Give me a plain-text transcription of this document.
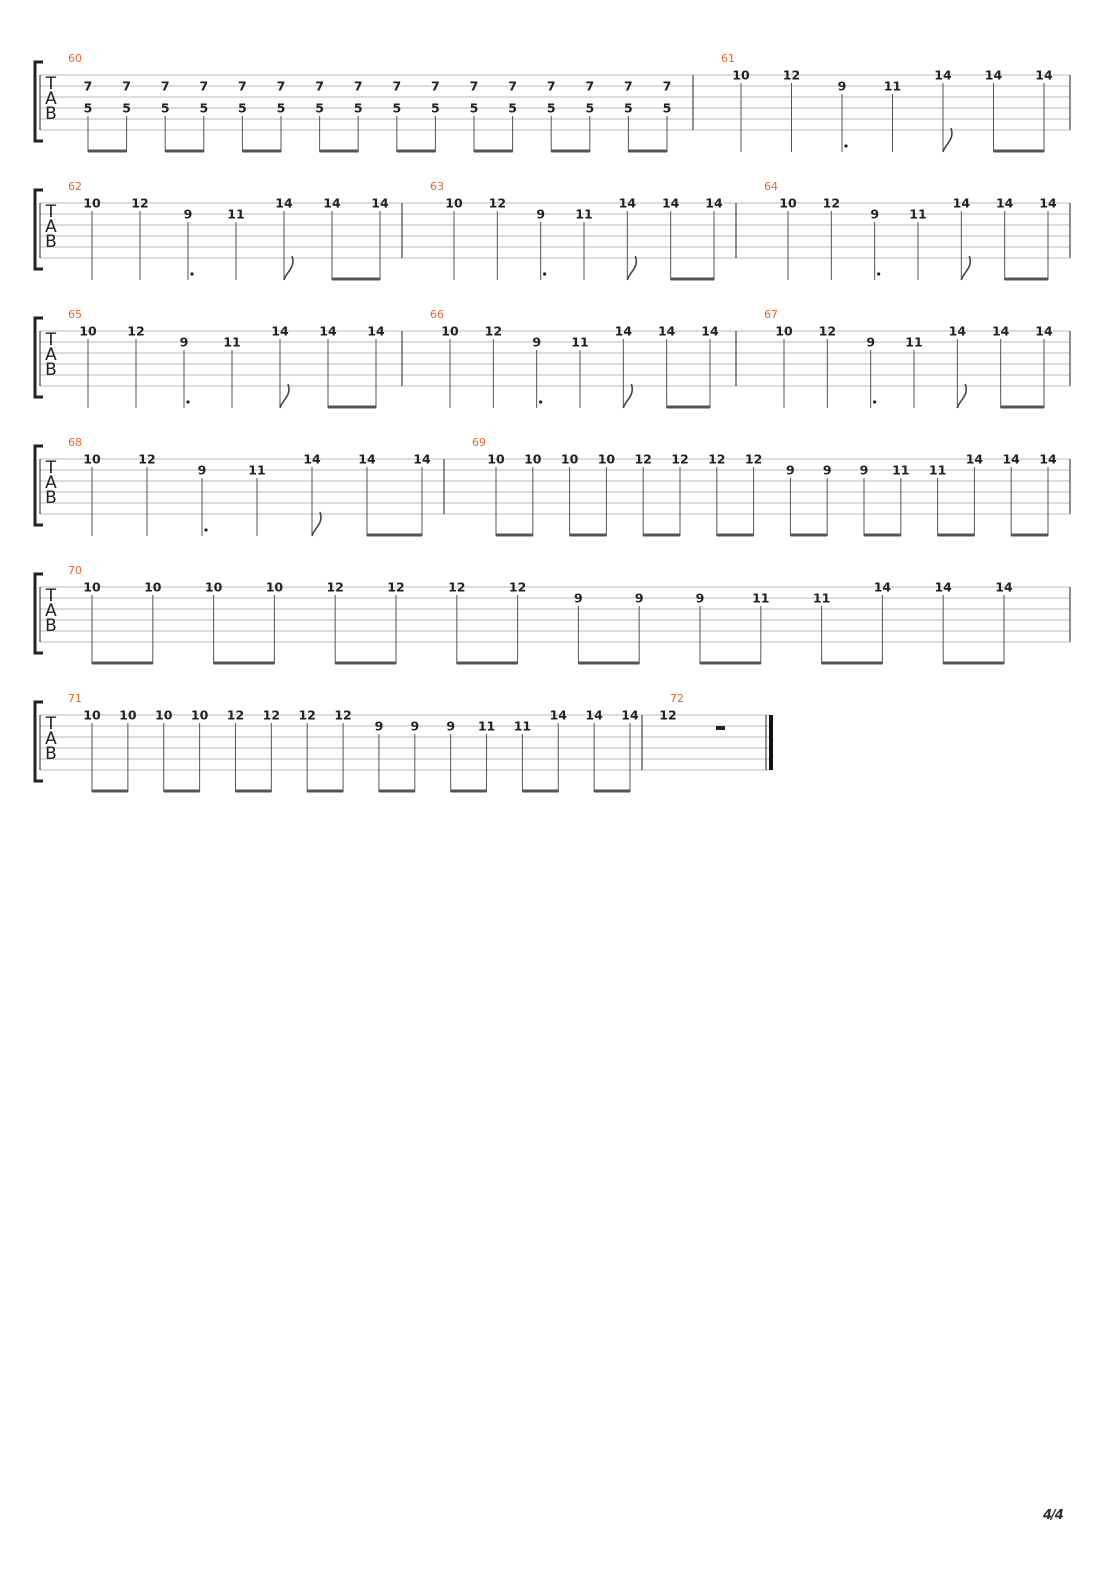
T
A
B
60
7
5
7
5
7
5
7
5
7
5
7
5
7
5
7
5
7
5
7
5
7
5
7
5
7
5
7
5
7
5
7
5
61
10	12
9	11
14	14	14
T
A
B
62
10 12
9	11
14 14 14
63
10 12
9 11
14 14 14
64
10 12
9 11
14 14 14
T
A
B
65
10 12
9	11
14 14 14
66
10 12
9 11
14 14 14
67
10 12
9 11
14 14 14
T
A
B
68
10	12
9	11
14	14	14
69
10 10 10 10 12 12 12 12
9 9 9 11 11
14 14 14
T
A
B
70
10	10	10	10	12	12	12	12
9	9	9	11	11
14	14	14
T
A
B
71
10 10 10 10 12 12 12 12
9 9 9 11 11
14 14 14
72
12
4/4
